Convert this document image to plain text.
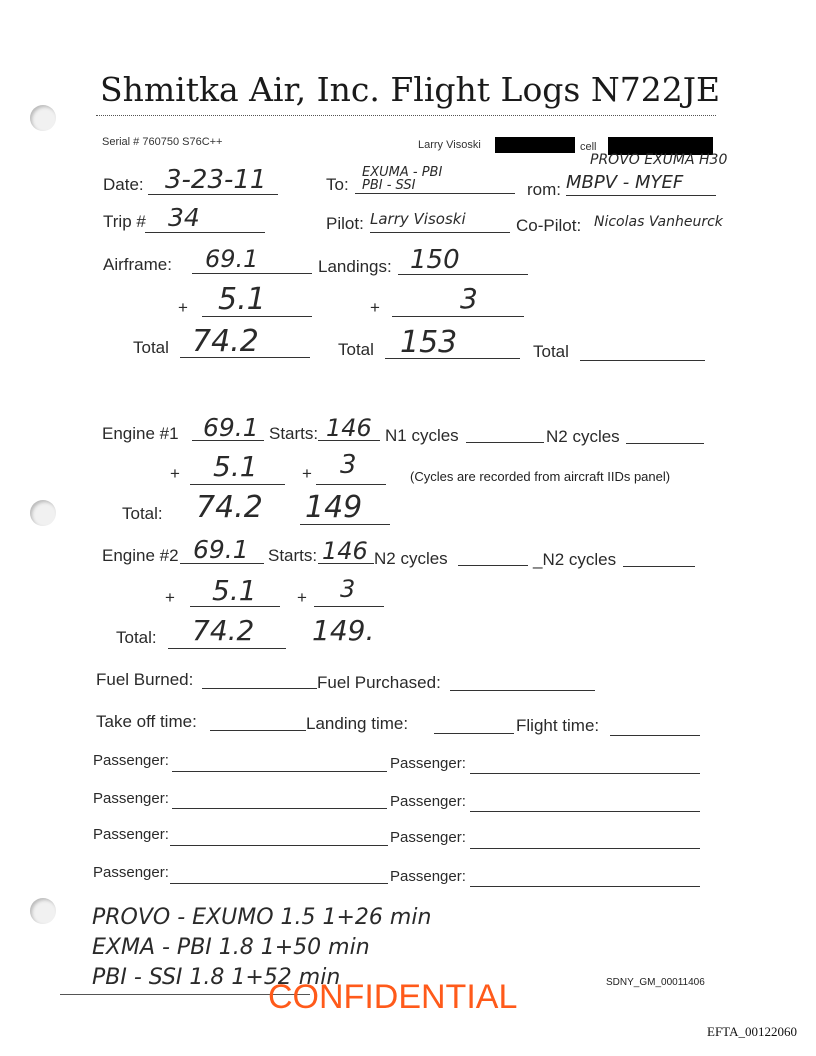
Shmitka Air, Inc. Flight Logs N722JE
Serial # 760750 S76C++	Larry Visoski	cell
Date: 3-23-11	To:
EXUMA - PBI
PBI - SSI
PROVO EXUMA H30
rom: MBPV - MYEF
Trip # 34	Pilot: Larry Visoski	Co-Pilot: Nicolas Vanheurck
Airframe: 69.1	Landings: 150
+ 5.1	+	3
Total 74.2	Total 153	Total
Engine #1 69.1 Starts: 146 N1 cycles	N2 cycles
+ 5.1	+ 3	(Cycles are recorded from aircraft IIDs panel)
Total: 74.2 149
Engine #2 69.1 Starts: 146 N2 cycles	_N2 cycles
+ 5.1 + 3
Total: 74.2 149.
Fuel Burned:	Fuel Purchased:
Take off time:	Landing time:	Flight time:
Passenger:	Passenger:
Passenger:	Passenger:
Passenger:	Passenger:
Passenger:	Passenger:
PROVO - EXUMO 1.5 1+26 min
EXMA - PBI 1.8 1+50 min
PBI - SSI 1.8 1+52 min
CONFIDENTIAL	SDNY_GM_00011406
EFTA_00122060
